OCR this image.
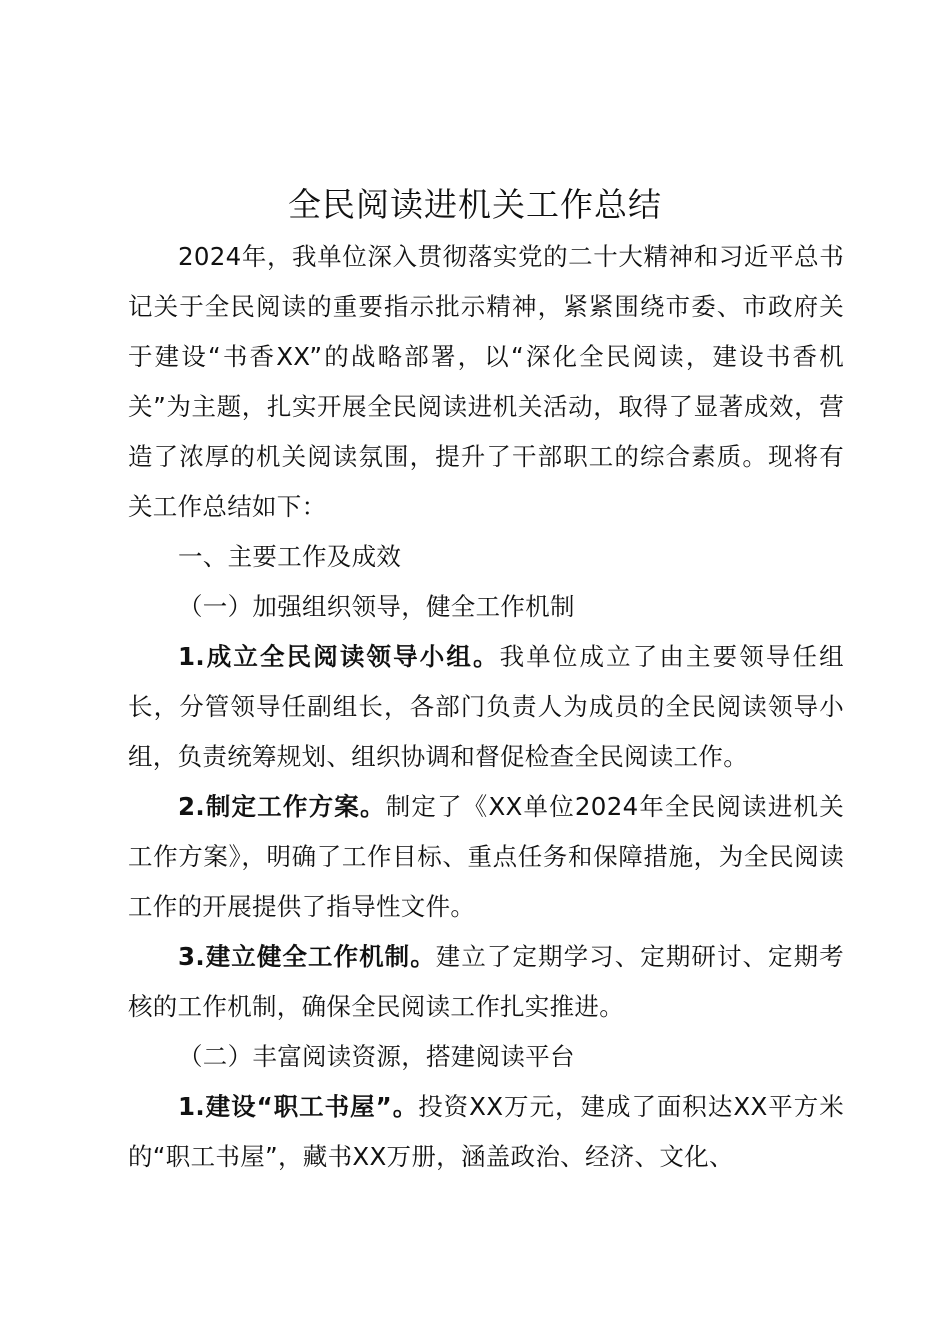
全民阅读进机关工作总结

2024年，我单位深入贯彻落实党的二十大精神和习近平总书记关于全民阅读的重要指示批示精神，紧紧围绕市委、市政府关于建设“书香XX”的战略部署，以“深化全民阅读，建设书香机关”为主题，扎实开展全民阅读进机关活动，取得了显著成效，营造了浓厚的机关阅读氛围，提升了干部职工的综合素质。现将有关工作总结如下：

一、主要工作及成效

（一）加强组织领导，健全工作机制

1.成立全民阅读领导小组。我单位成立了由主要领导任组长，分管领导任副组长，各部门负责人为成员的全民阅读领导小组，负责统筹规划、组织协调和督促检查全民阅读工作。

2.制定工作方案。制定了《XX单位2024年全民阅读进机关工作方案》，明确了工作目标、重点任务和保障措施，为全民阅读工作的开展提供了指导性文件。

3.建立健全工作机制。建立了定期学习、定期研讨、定期考核的工作机制，确保全民阅读工作扎实推进。

（二）丰富阅读资源，搭建阅读平台

1.建设“职工书屋”。投资XX万元，建成了面积达XX平方米的“职工书屋”，藏书XX万册，涵盖政治、经济、文化、
